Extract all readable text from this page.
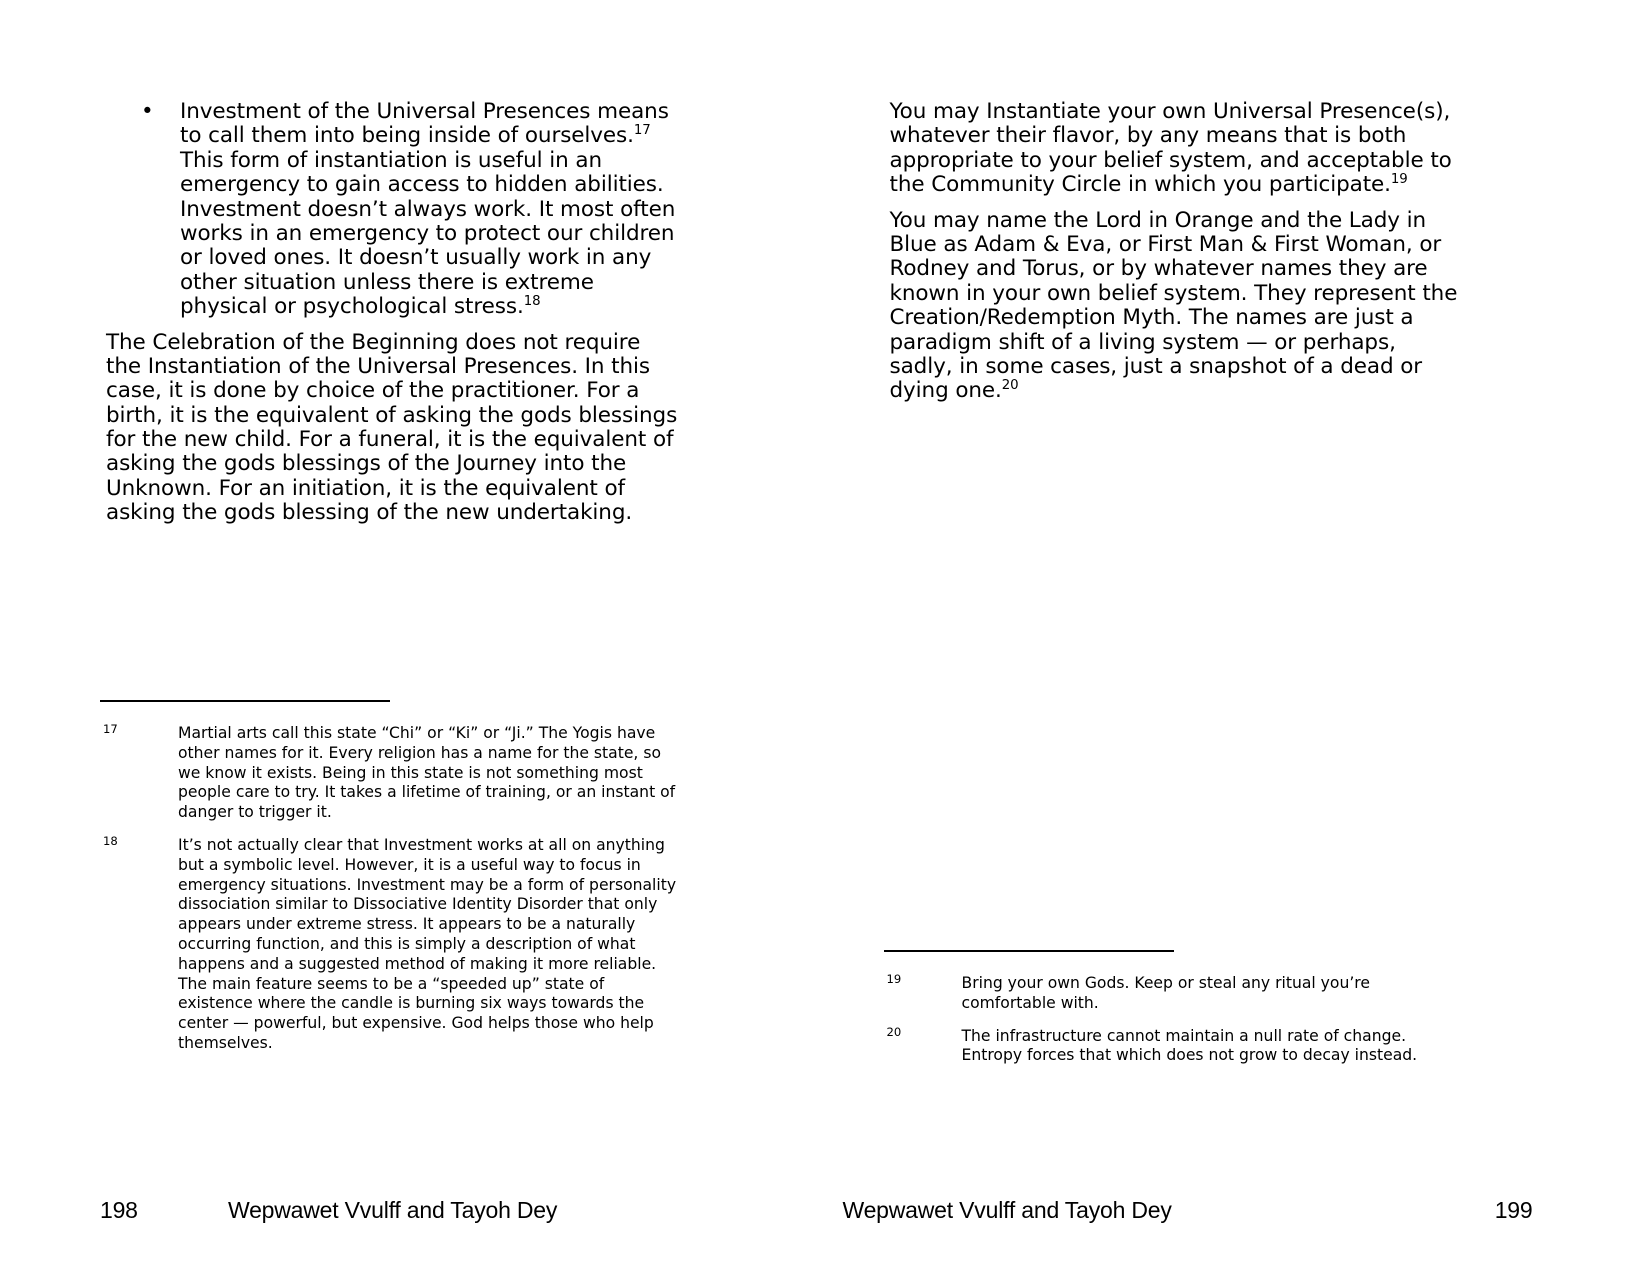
• Investment of the Universal Presences means to call them into being inside of ourselves.$^{17}$ This form of instantiation is useful in an emergency to gain access to hidden abilities. Investment doesn’t always work. It most often works in an emergency to protect our children or loved ones. It doesn’t usually work in any other situation unless there is extreme physical or psychological stress.$^{18}$

The Celebration of the Beginning does not require the Instantiation of the Universal Presences. In this case, it is done by choice of the practitioner. For a birth, it is the equivalent of asking the gods blessings for the new child. For a funeral, it is the equivalent of asking the gods blessings of the Journey into the Unknown. For an initiation, it is the equivalent of asking the gods blessing of the new undertaking.

17	Martial arts call this state “Chi” or “Ki” or “Ji.” The Yogis have other names for it. Every religion has a name for the state, so we know it exists. Being in this state is not something most people care to try. It takes a lifetime of training, or an instant of danger to trigger it.
18	It’s not actually clear that Investment works at all on anything but a symbolic level. However, it is a useful way to focus in emergency situations. Investment may be a form of personality dissociation similar to Dissociative Identity Disorder that only appears under extreme stress. It appears to be a naturally occurring function, and this is simply a description of what happens and a suggested method of making it more reliable. The main feature seems to be a “speeded up” state of existence where the candle is burning six ways towards the center — powerful, but expensive. God helps those who help themselves.
198	Wepwawet Vvulff and Tayoh Dey

You may Instantiate your own Universal Presence(s), whatever their flavor, by any means that is both appropriate to your belief system, and acceptable to the Community Circle in which you participate.$^{19}$

You may name the Lord in Orange and the Lady in Blue as Adam & Eva, or First Man & First Woman, or Rodney and Torus, or by whatever names they are known in your own belief system. They represent the Creation/Redemption Myth. The names are just a paradigm shift of a living system — or perhaps, sadly, in some cases, just a snapshot of a dead or dying one.$^{20}$

19	Bring your own Gods. Keep or steal any ritual you’re comfortable with.
20	The infrastructure cannot maintain a null rate of change. Entropy forces that which does not grow to decay instead.
Wepwawet Vvulff and Tayoh Dey	199
